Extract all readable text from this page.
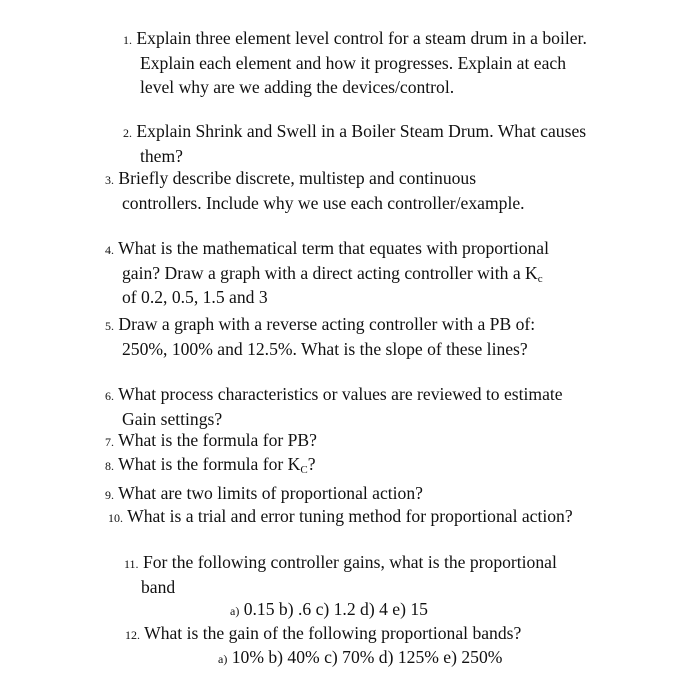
1. Explain three element level control for a steam drum in a boiler. Explain each element and how it progresses. Explain at each level why are we adding the devices/control.

2. Explain Shrink and Swell in a Boiler Steam Drum. What causes them?

3. Briefly describe discrete, multistep and continuous controllers. Include why we use each controller/example.

4. What is the mathematical term that equates with proportional gain? Draw a graph with a direct acting controller with a $K_c$ of 0.2, 0.5, 1.5 and 3

5. Draw a graph with a reverse acting controller with a PB of: 250%, 100% and 12.5%. What is the slope of these lines?

6. What process characteristics or values are reviewed to estimate Gain settings?

7. What is the formula for PB?

8. What is the formula for $K_C$?

9. What are two limits of proportional action?

10. What is a trial and error tuning method for proportional action?

11. For the following controller gains, what is the proportional band

a) 0.15 b) .6 c) 1.2 d) 4 e) 15

12. What is the gain of the following proportional bands?

a) 10% b) 40% c) 70% d) 125% e) 250%
